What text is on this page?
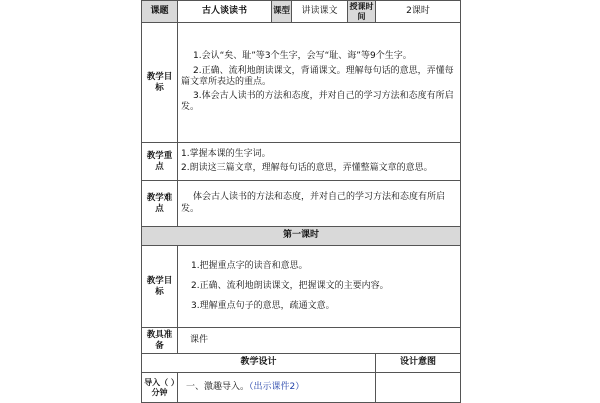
课题	古人谈读书	课型	讲读课文	授课时间	2课时
教学目标	1.会认“矣、耻”等3个生字，会写“耻、诲”等9个生字。
2.正确、流利地朗读课文，背诵课文。理解每句话的意思，弄懂每篇文章所表达的重点。
3.体会古人读书的方法和态度，并对自己的学习方法和态度有所启发。				

教学重点	1.掌握本课的生字词。
2.朗读这三篇文章，理解每句话的意思，弄懂整篇文章的意思。				

教学难点	体会古人读书的方法和态度，并对自己的学习方法和态度有所启发。				
第一课时					
教学目标	1.把握重点字的读音和意思。
2.正确、流利地朗读课文，把握课文的主要内容。
3.理解重点句子的意思，疏通文意。				

教具准备	课件				
教学设计					设计意图
导入（ ）分钟	一、激趣导入。（出示课件2）				
